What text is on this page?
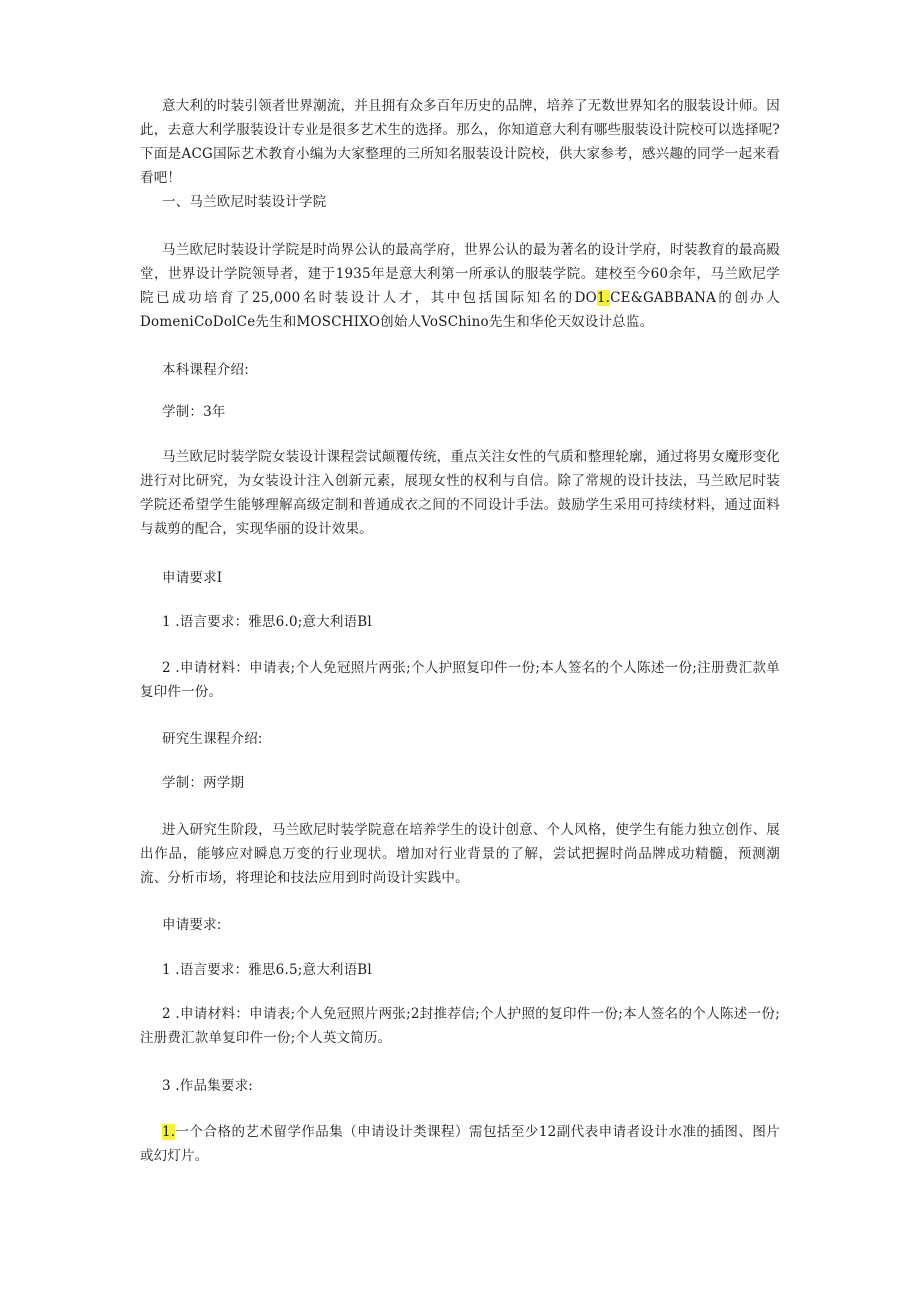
意大利的时装引领者世界潮流，并且拥有众多百年历史的品牌，培养了无数世界知名的服装设计师。因此，去意大利学服装设计专业是很多艺术生的选择。那么，你知道意大利有哪些服装设计院校可以选择呢?下面是ACG国际艺术教育小编为大家整理的三所知名服装设计院校，供大家参考，感兴趣的同学一起来看看吧！

一、马兰欧尼时装设计学院

马兰欧尼时装设计学院是时尚界公认的最高学府，世界公认的最为著名的设计学府，时装教育的最高殿堂，世界设计学院领导者，建于1935年是意大利第一所承认的服装学院。建校至今60余年，马兰欧尼学院已成功培育了25,000名时装设计人才，其中包括国际知名的DO1.CE&GABBANA的创办人DomeniCoDolCe先生和MOSCHIXO创始人VoSChino先生和华伦天奴设计总监。

本科课程介绍:

学制：3年

马兰欧尼时装学院女装设计课程尝试颠覆传统，重点关注女性的气质和整理轮廓，通过将男女魔形变化进行对比研究，为女装设计注入创新元素，展现女性的权利与自信。除了常规的设计技法，马兰欧尼时装学院还希望学生能够理解高级定制和普通成衣之间的不同设计手法。鼓励学生采用可持续材料，通过面料与裁剪的配合，实现华丽的设计效果。

申请要求I

1 .语言要求：雅思6.0;意大利语Bl

2 .申请材料：申请表;个人免冠照片两张;个人护照复印件一份;本人签名的个人陈述一份;注册费汇款单复印件一份。

研究生课程介绍:

学制：两学期

进入研究生阶段，马兰欧尼时装学院意在培养学生的设计创意、个人风格，使学生有能力独立创作、展出作品，能够应对瞬息万变的行业现状。增加对行业背景的了解，尝试把握时尚品牌成功精髓，预测潮流、分析市场，将理论和技法应用到时尚设计实践中。

申请要求:

1 .语言要求：雅思6.5;意大利语Bl

2 .申请材料：申请表;个人免冠照片两张;2封推荐信;个人护照的复印件一份;本人签名的个人陈述一份;注册费汇款单复印件一份;个人英文简历。

3 .作品集要求:

1.一个合格的艺术留学作品集（申请设计类课程）需包括至少12副代表申请者设计水准的插图、图片或幻灯片。
